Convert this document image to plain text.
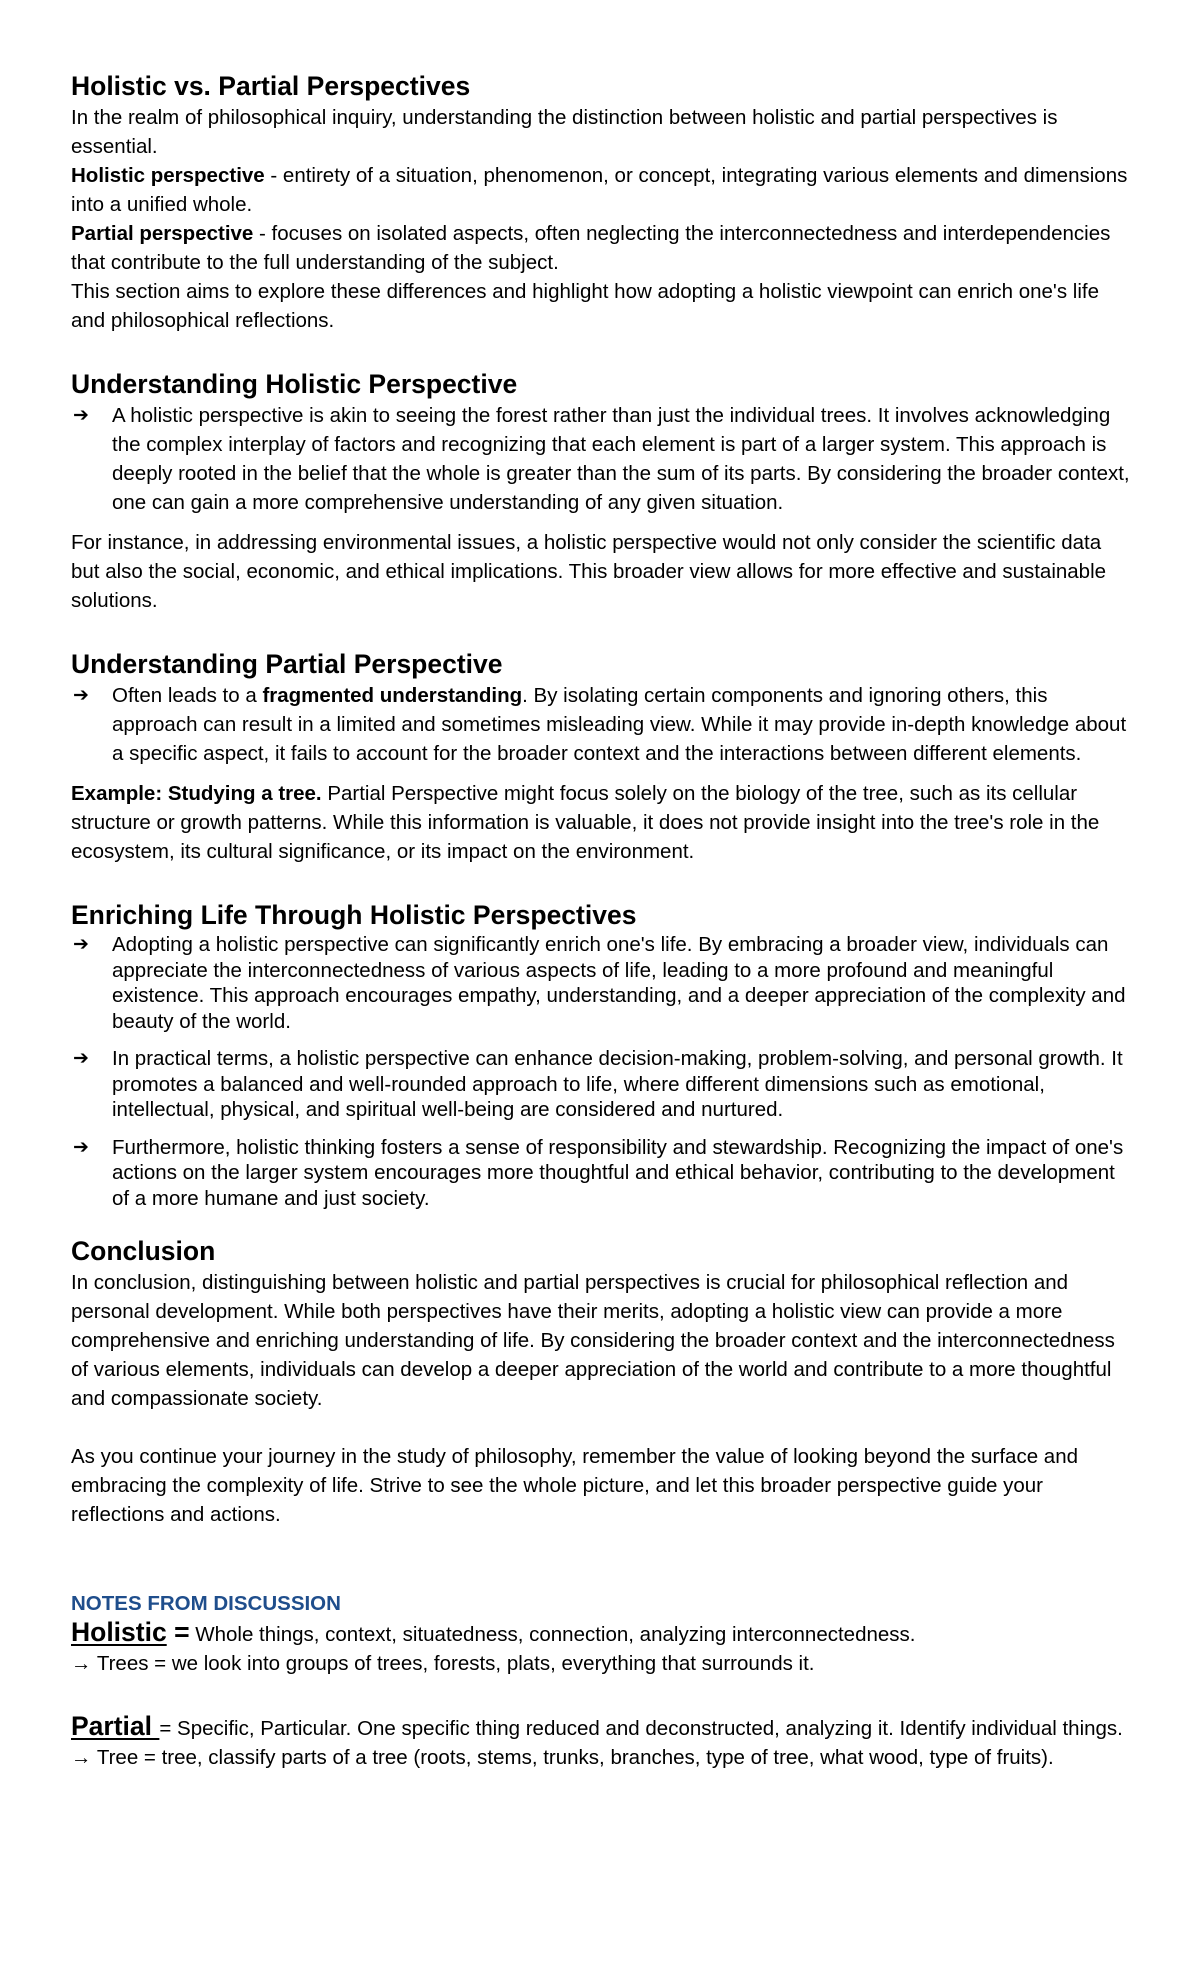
Holistic vs. Partial Perspectives

In the realm of philosophical inquiry, understanding the distinction between holistic and partial perspectives is essential.

Holistic perspective - entirety of a situation, phenomenon, or concept, integrating various elements and dimensions into a unified whole.

Partial perspective - focuses on isolated aspects, often neglecting the interconnectedness and interdependencies that contribute to the full understanding of the subject.

This section aims to explore these differences and highlight how adopting a holistic viewpoint can enrich one's life and philosophical reflections.

Understanding Holistic Perspective
➔ A holistic perspective is akin to seeing the forest rather than just the individual trees. It involves acknowledging the complex interplay of factors and recognizing that each element is part of a larger system. This approach is deeply rooted in the belief that the whole is greater than the sum of its parts. By considering the broader context, one can gain a more comprehensive understanding of any given situation.

For instance, in addressing environmental issues, a holistic perspective would not only consider the scientific data but also the social, economic, and ethical implications. This broader view allows for more effective and sustainable solutions.

Understanding Partial Perspective
➔ Often leads to a fragmented understanding. By isolating certain components and ignoring others, this approach can result in a limited and sometimes misleading view. While it may provide in-depth knowledge about a specific aspect, it fails to account for the broader context and the interactions between different elements.

Example: Studying a tree. Partial Perspective might focus solely on the biology of the tree, such as its cellular structure or growth patterns. While this information is valuable, it does not provide insight into the tree's role in the ecosystem, its cultural significance, or its impact on the environment.

Enriching Life Through Holistic Perspectives
➔ Adopting a holistic perspective can significantly enrich one's life. By embracing a broader view, individuals can appreciate the interconnectedness of various aspects of life, leading to a more profound and meaningful existence. This approach encourages empathy, understanding, and a deeper appreciation of the complexity and beauty of the world.
➔ In practical terms, a holistic perspective can enhance decision-making, problem-solving, and personal growth. It promotes a balanced and well-rounded approach to life, where different dimensions such as emotional, intellectual, physical, and spiritual well-being are considered and nurtured.
➔ Furthermore, holistic thinking fosters a sense of responsibility and stewardship. Recognizing the impact of one's actions on the larger system encourages more thoughtful and ethical behavior, contributing to the development of a more humane and just society.
Conclusion

In conclusion, distinguishing between holistic and partial perspectives is crucial for philosophical reflection and personal development. While both perspectives have their merits, adopting a holistic view can provide a more comprehensive and enriching understanding of life. By considering the broader context and the interconnectedness of various elements, individuals can develop a deeper appreciation of the world and contribute to a more thoughtful and compassionate society.

As you continue your journey in the study of philosophy, remember the value of looking beyond the surface and embracing the complexity of life. Strive to see the whole picture, and let this broader perspective guide your reflections and actions.

NOTES FROM DISCUSSION

Holistic = Whole things, context, situatedness, connection, analyzing interconnectedness.

→ Trees = we look into groups of trees, forests, plats, everything that surrounds it.

Partial = Specific, Particular. One specific thing reduced and deconstructed, analyzing it. Identify individual things.

→ Tree = tree, classify parts of a tree (roots, stems, trunks, branches, type of tree, what wood, type of fruits).
